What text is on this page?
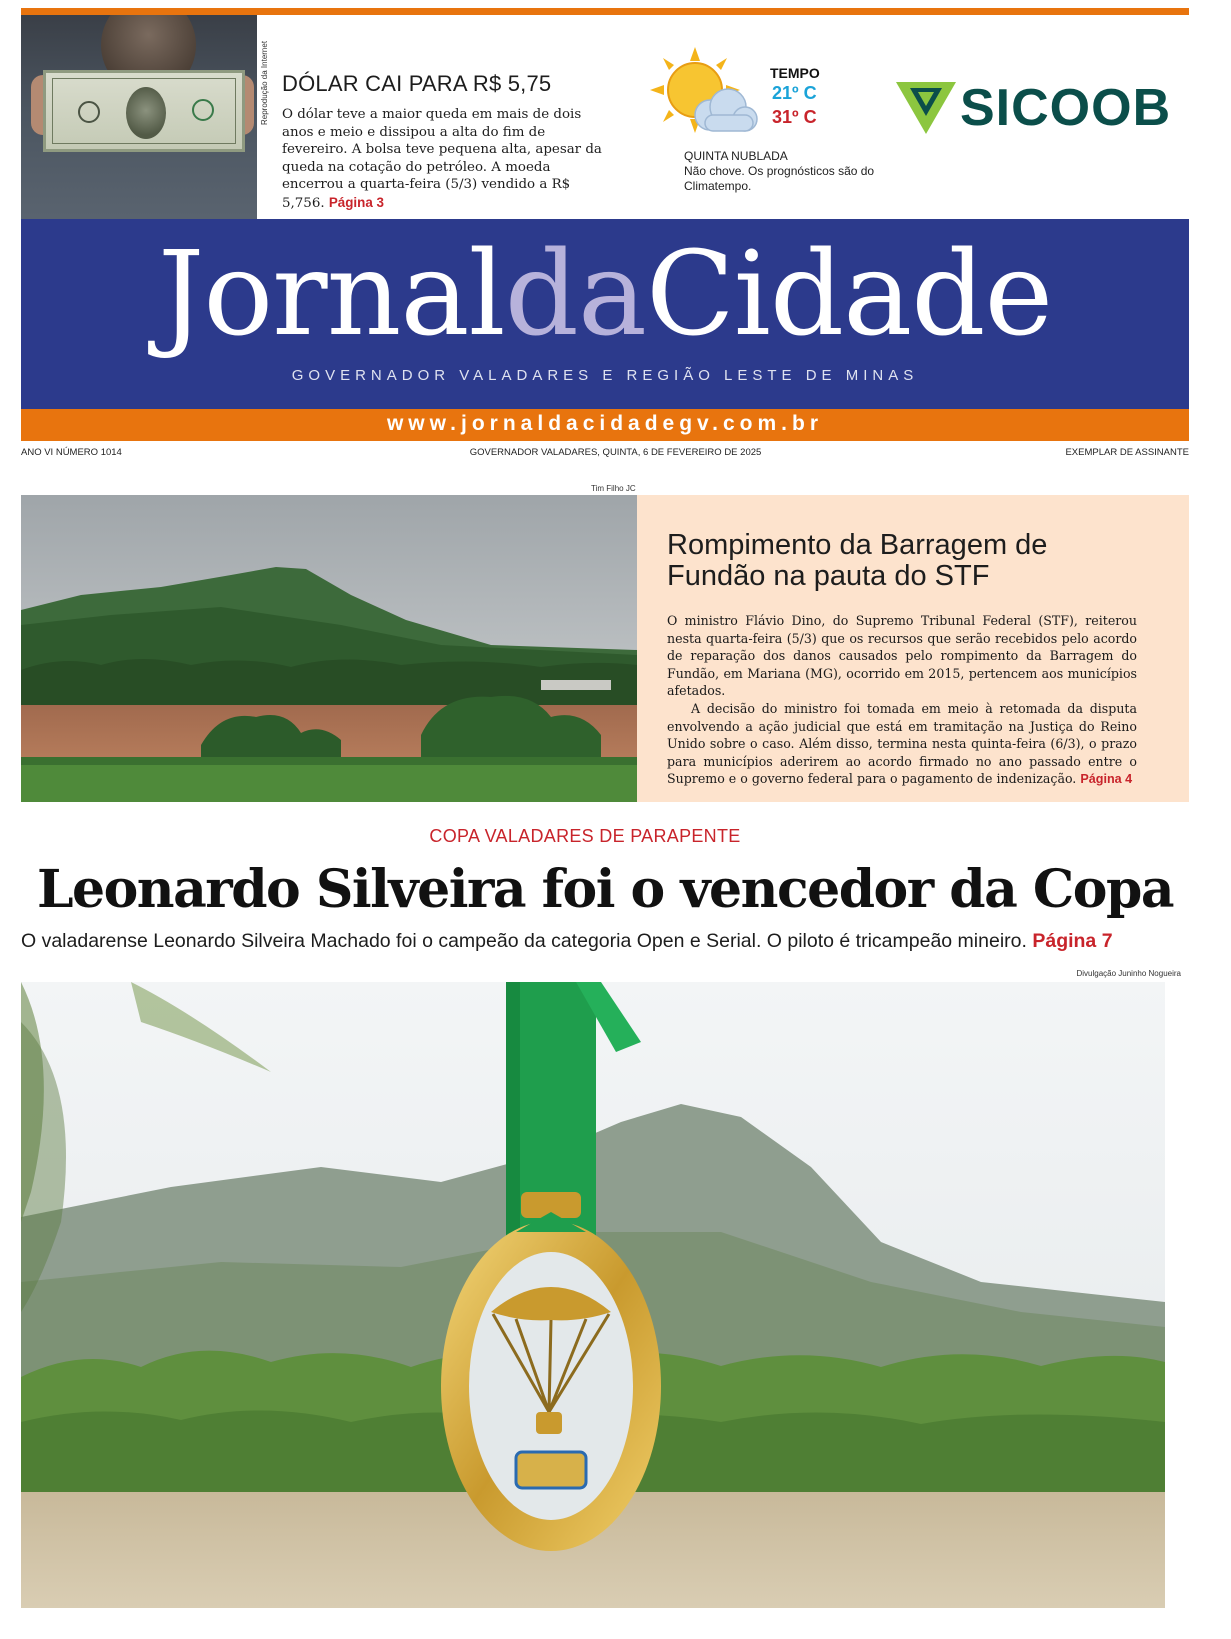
Reprodução da Internet DÓLAR CAI PARA R$ 5,75
O dólar teve a maior queda em mais de dois anos e meio e dissipou a alta do fim de fevereiro. A bolsa teve pequena alta, apesar da queda na cotação do petróleo. A moeda encerrou a quarta-feira (5/3) vendido a R$ 5,756. Página 3
TEMPO
21º C
31º C
QUINTA NUBLADA
Não chove. Os prognósticos são do Climatempo.
SICOOB
JornaldaCidade
GOVERNADOR VALADARES E REGIÃO LESTE DE MINAS
www.jornaldacidadegv.com.br
ANO VI NÚMERO 1014	GOVERNADOR VALADARES, QUINTA, 6 DE FEVEREIRO DE 2025	EXEMPLAR DE ASSINANTE
Tim Filho JC
Rompimento da Barragem de Fundão na pauta do STF

O ministro Flávio Dino, do Supremo Tribunal Federal (STF), reiterou nesta quarta-feira (5/3) que os recursos que serão recebidos pelo acordo de reparação dos danos causados pelo rompimento da Barragem do Fundão, em Mariana (MG), ocorrido em 2015, pertencem aos municípios afetados.

A decisão do ministro foi tomada em meio à retomada da disputa envolvendo a ação judicial que está em tramitação na Justiça do Reino Unido sobre o caso. Além disso, termina nesta quinta-feira (6/3), o prazo para municípios aderirem ao acordo firmado no ano passado entre o Supremo e o governo federal para o pagamento de indenização. Página 4

COPA VALADARES DE PARAPENTE
Leonardo Silveira foi o vencedor da Copa
O valadarense Leonardo Silveira Machado foi o campeão da categoria Open e Serial. O piloto é tricampeão mineiro. Página 7
Divulgação Juninho Nogueira
